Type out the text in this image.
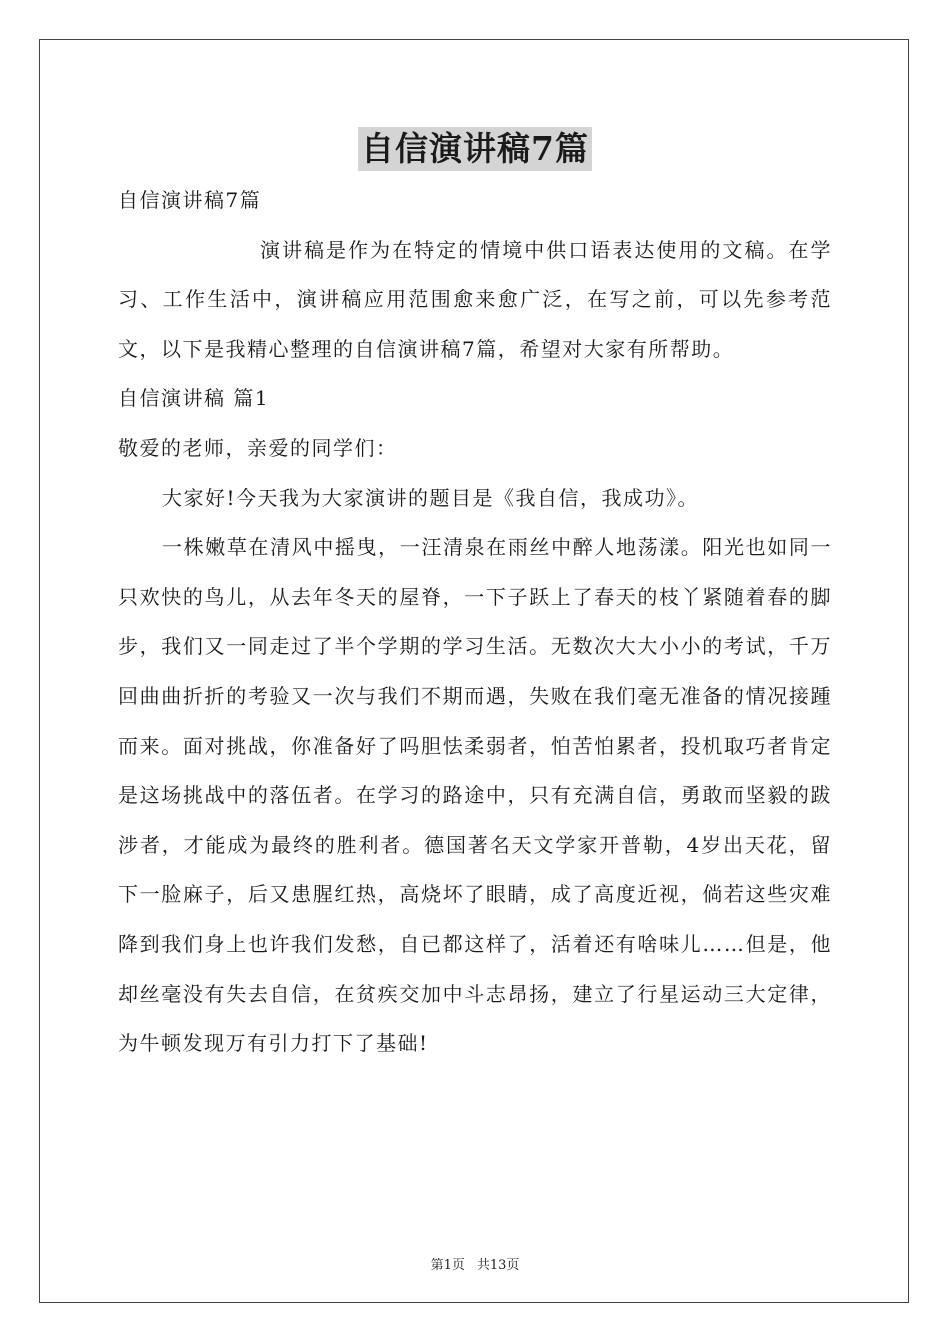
自信演讲稿7篇

自信演讲稿7篇

演讲稿是作为在特定的情境中供口语表达使用的文稿。在学习、工作生活中，演讲稿应用范围愈来愈广泛，在写之前，可以先参考范文，以下是我精心整理的自信演讲稿7篇，希望对大家有所帮助。

自信演讲稿 篇1

敬爱的老师，亲爱的同学们：

大家好!今天我为大家演讲的题目是《我自信，我成功》。

一株嫩草在清风中摇曳，一汪清泉在雨丝中醉人地荡漾。阳光也如同一只欢快的鸟儿，从去年冬天的屋脊，一下子跃上了春天的枝丫紧随着春的脚步，我们又一同走过了半个学期的学习生活。无数次大大小小的考试，千万回曲曲折折的考验又一次与我们不期而遇，失败在我们毫无准备的情况接踵而来。面对挑战，你准备好了吗胆怯柔弱者，怕苦怕累者，投机取巧者肯定是这场挑战中的落伍者。在学习的路途中，只有充满自信，勇敢而坚毅的跋涉者，才能成为最终的胜利者。德国著名天文学家开普勒，4岁出天花，留下一脸麻子，后又患腥红热，高烧坏了眼睛，成了高度近视，倘若这些灾难降到我们身上也许我们发愁，自已都这样了，活着还有啥味儿……但是，他却丝毫没有失去自信，在贫疾交加中斗志昂扬，建立了行星运动三大定律，为牛顿发现万有引力打下了基础!

第1页 共13页
